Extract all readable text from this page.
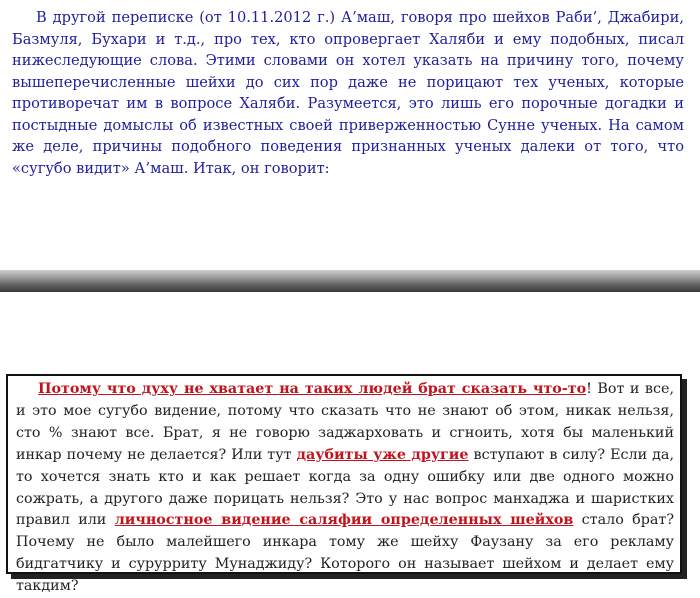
В другой переписке (от 10.11.2012 г.) А’маш, говоря про шейхов Раби’, Джабири, Базмуля, Бухари и т.д., про тех, кто опровергает Халяби и ему подобных, писал нижеследующие слова. Этими словами он хотел указать на причину того, почему вышеперечисленные шейхи до сих пор даже не порицают тех ученых, которые противоречат им в вопросе Халяби. Разумеется, это лишь его порочные догадки и постыдные домыслы об известных своей приверженностью Сунне ученых. На самом же деле, причины подобного поведения признанных ученых далеки от того, что «сугубо видит» А’маш. Итак, он говорит:

Потому что духу не хватает на таких людей брат сказать что-то! Вот и все, и это мое сугубо видение, потому что сказать что не знают об этом, никак нельзя, сто % знают все. Брат, я не говорю заджарховать и сгноить, хотя бы маленький инкар почему не делается? Или тут даубиты уже другие вступают в силу? Если да, то хочется знать кто и как решает когда за одну ошибку или две одного можно сожрать, а другого даже порицать нельзя? Это у нас вопрос манхаджа и шаристких правил или личностное видение саляфии определенных шейхов стало брат? Почему не было малейшего инкара тому же шейху Фаузану за его рекламу бидгатчику и сурурриту Мунаджиду? Которого он называет шейхом и делает ему такдим?
